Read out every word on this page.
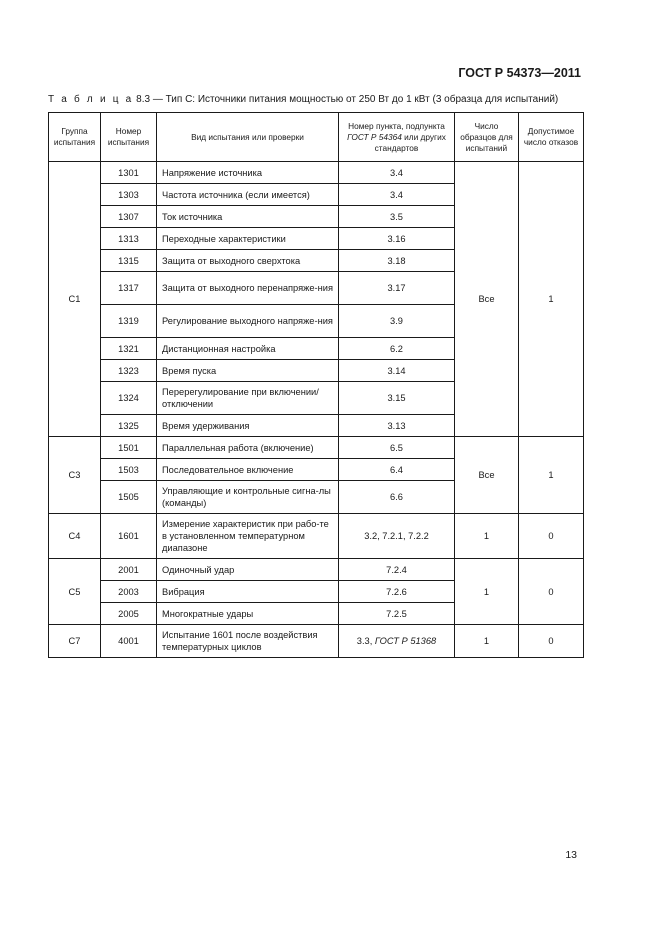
ГОСТ Р 54373—2011
Т а б л и ц а 8.3 — Тип С: Источники питания мощностью от 250 Вт до 1 кВт (3 образца для испытаний)
Группа испытания	Номер испытания	Вид испытания или проверки	Номер пункта, подпункта ГОСТ Р 54364 или других стандартов	Число образцов для испытаний	Допустимое число отказов
С1	1301	Напряжение источника	3.4	Все	1
	1303	Частота источника (если имеется)	3.4		
	1307	Ток источника	3.5		
	1313	Переходные характеристики	3.16		
	1315	Защита от выходного сверхтока	3.18		
	1317	Защита от выходного перенапряже-ния	3.17		
	1319	Регулирование выходного напряже-ния	3.9		
	1321	Дистанционная настройка	6.2		
	1323	Время пуска	3.14		
	1324	Перерегулирование при включении/отключении	3.15		
	1325	Время удерживания	3.13		
С3	1501	Параллельная работа (включение)	6.5	Все	1
	1503	Последовательное включение	6.4		
	1505	Управляющие и контрольные сигна-лы (команды)	6.6		
С4	1601	Измерение характеристик при рабо-те в установленном температурном диапазоне	3.2, 7.2.1, 7.2.2	1	0
С5	2001	Одиночный удар	7.2.4	1	0
	2003	Вибрация	7.2.6		
	2005	Многократные удары	7.2.5		
С7	4001	Испытание 1601 после воздействия температурных циклов	3.3, ГОСТ Р 51368	1	0
13
